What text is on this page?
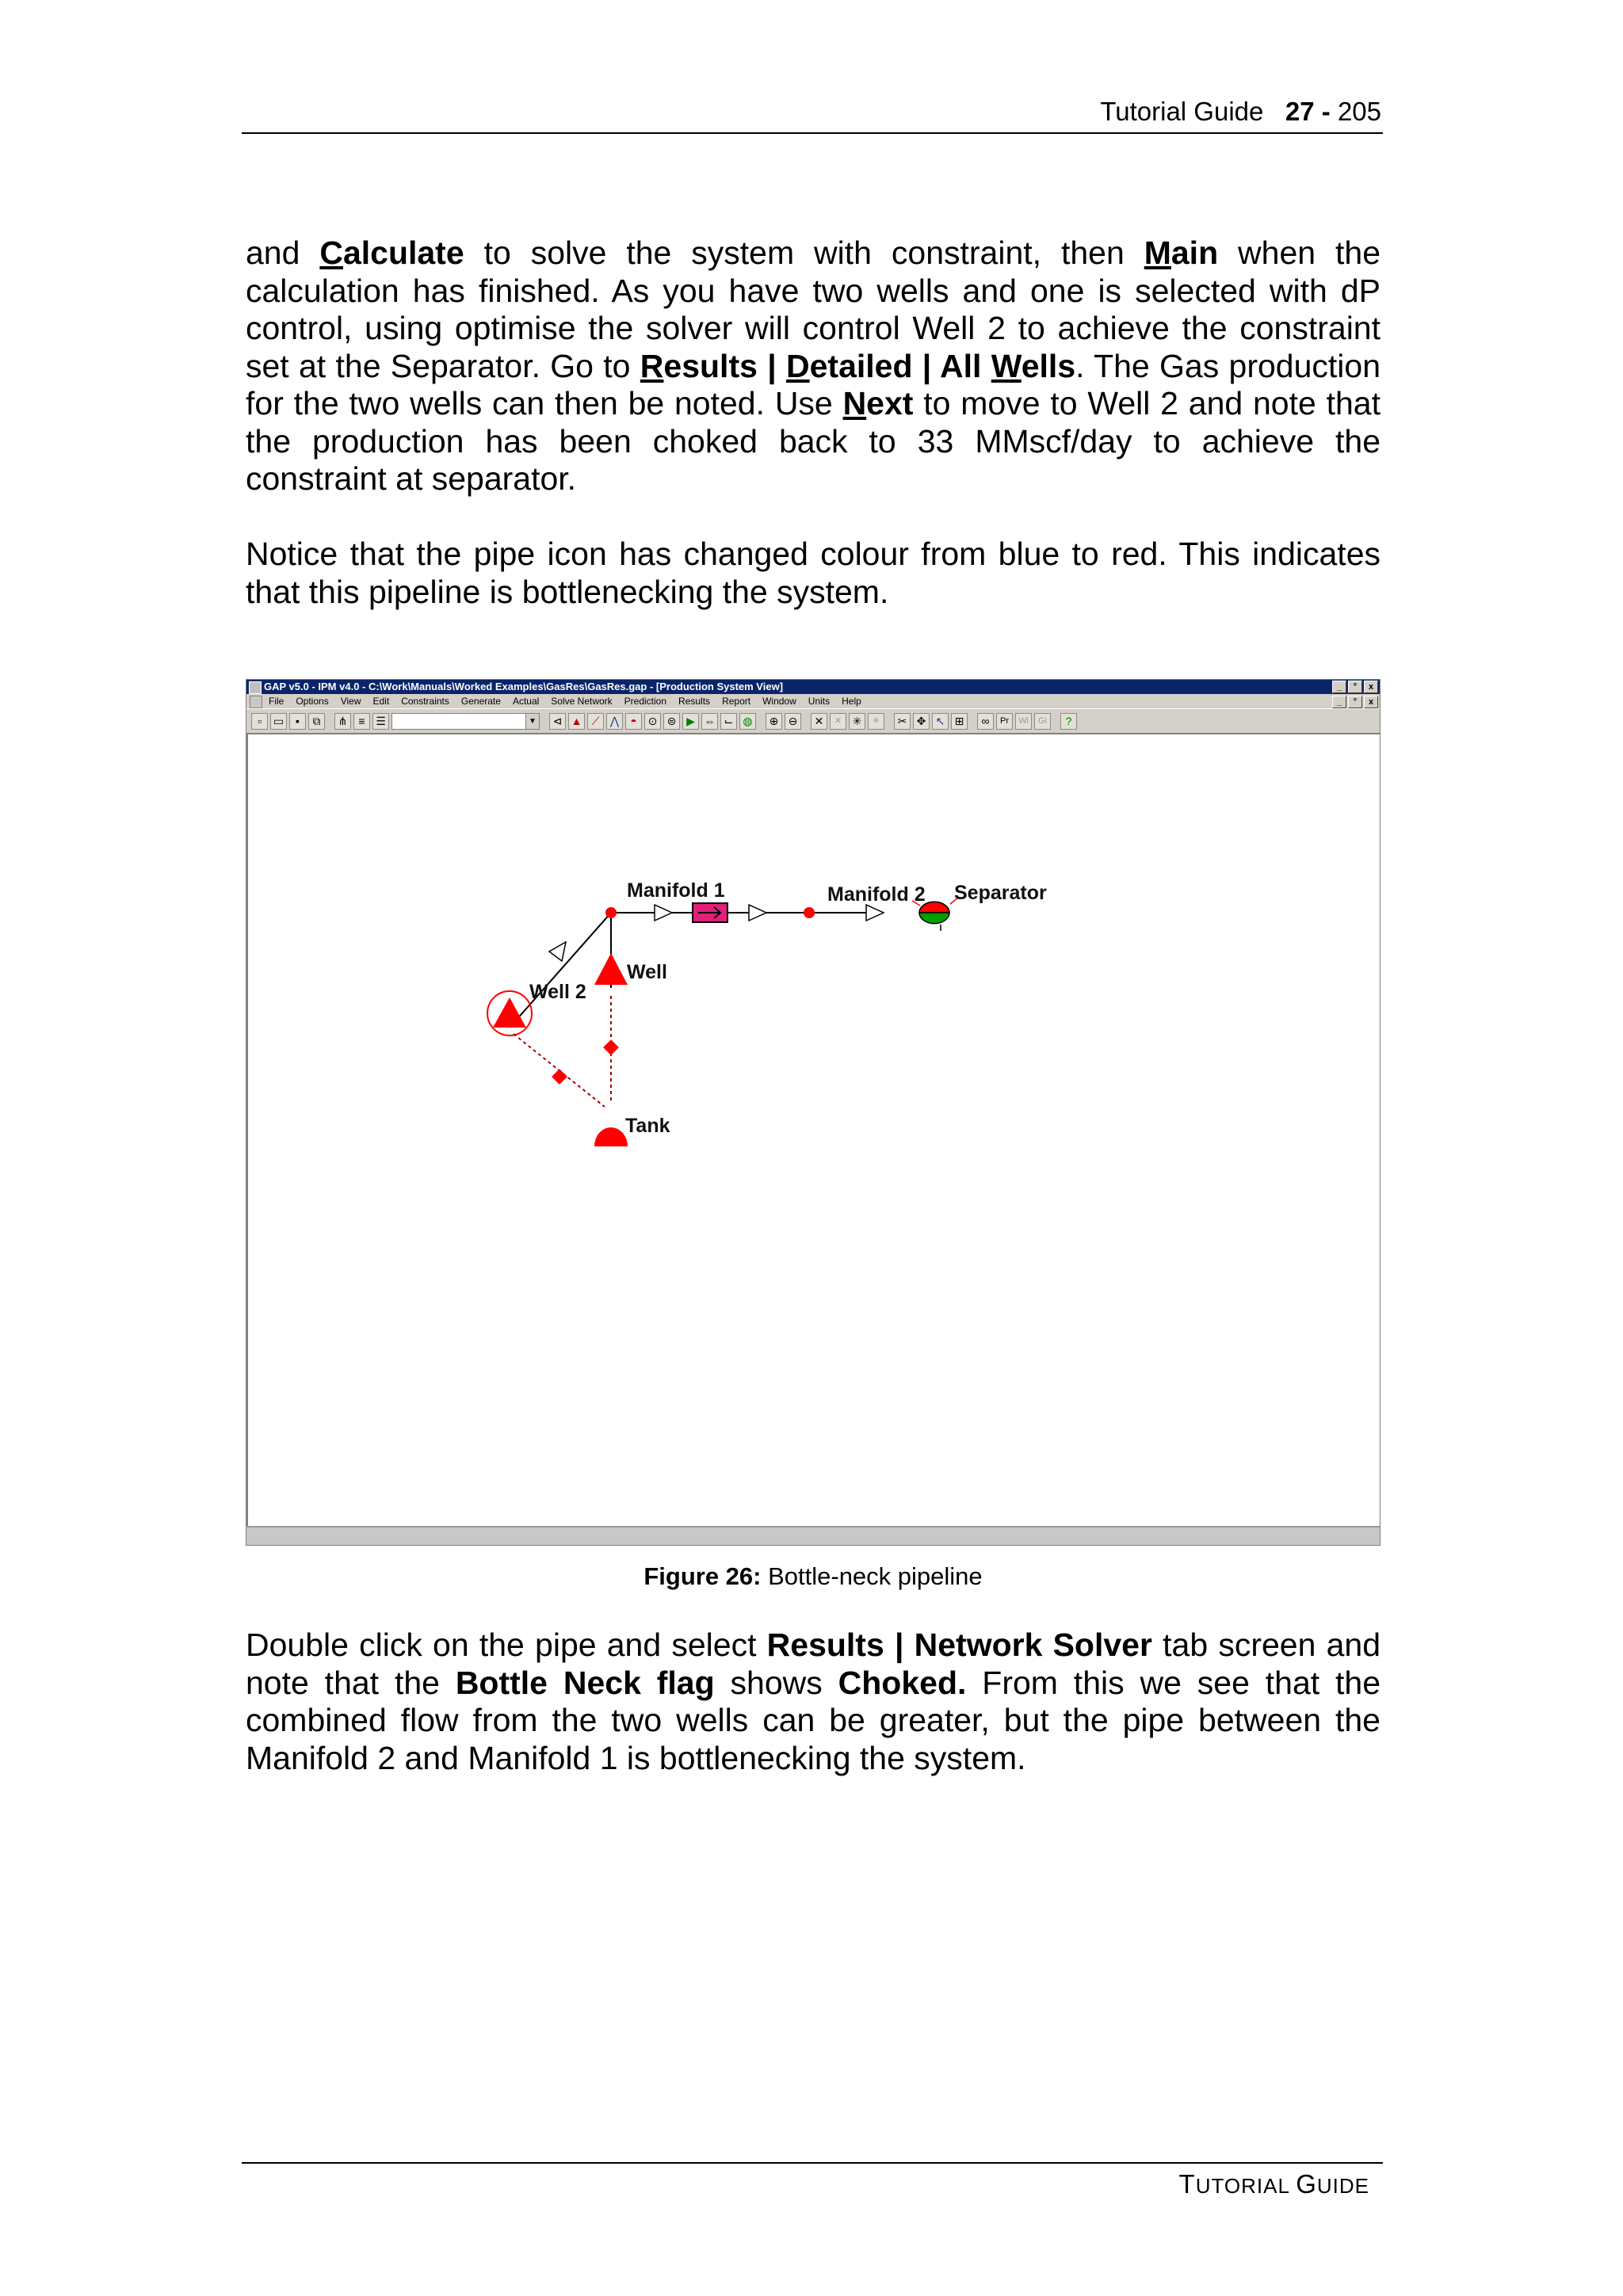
Tutorial Guide 27 - 205
and Calculate to solve the system with constraint, then Main when the calculation has finished. As you have two wells and one is selected with dP control, using optimise the solver will control Well 2 to achieve the constraint set at the Separator. Go to Results | Detailed | All Wells. The Gas production for the two wells can then be noted. Use Next to move to Well 2 and note that the production has been choked back to 33 MMscf/day to achieve the constraint at separator.
Notice that the pipe icon has changed colour from blue to red. This indicates that this pipeline is bottlenecking the system.
GAP v5.0 - IPM v4.0 - C:\Work\Manuals\Worked Examples\GasRes\GasRes.gap - [Production System View]	_	°	x
File Options View Edit Constraints Generate Actual Solve Network Prediction Results Report Window Units Help	_	°	x
▫	▭	▪	⧉	⋔	≡ ☰	▼	⊲ ▲ ⟋ ⋀	◓ ⊙ ⊜ ▶ ⇔ ⌙ ◍	⊕ ⊖	✕	✕ ✳	✳	✂ ✥ ↖ ⊞	∞	Pr	Wi	Gi	?
Manifold 1	Manifold 2 Separator
Well
Well 2
Tank
Figure 26: Bottle-neck pipeline
Double click on the pipe and select Results | Network Solver tab screen and note that the Bottle Neck flag shows Choked. From this we see that the combined flow from the two wells can be greater, but the pipe between the Manifold 2 and Manifold 1 is bottlenecking the system.
TUTORIAL GUIDE
